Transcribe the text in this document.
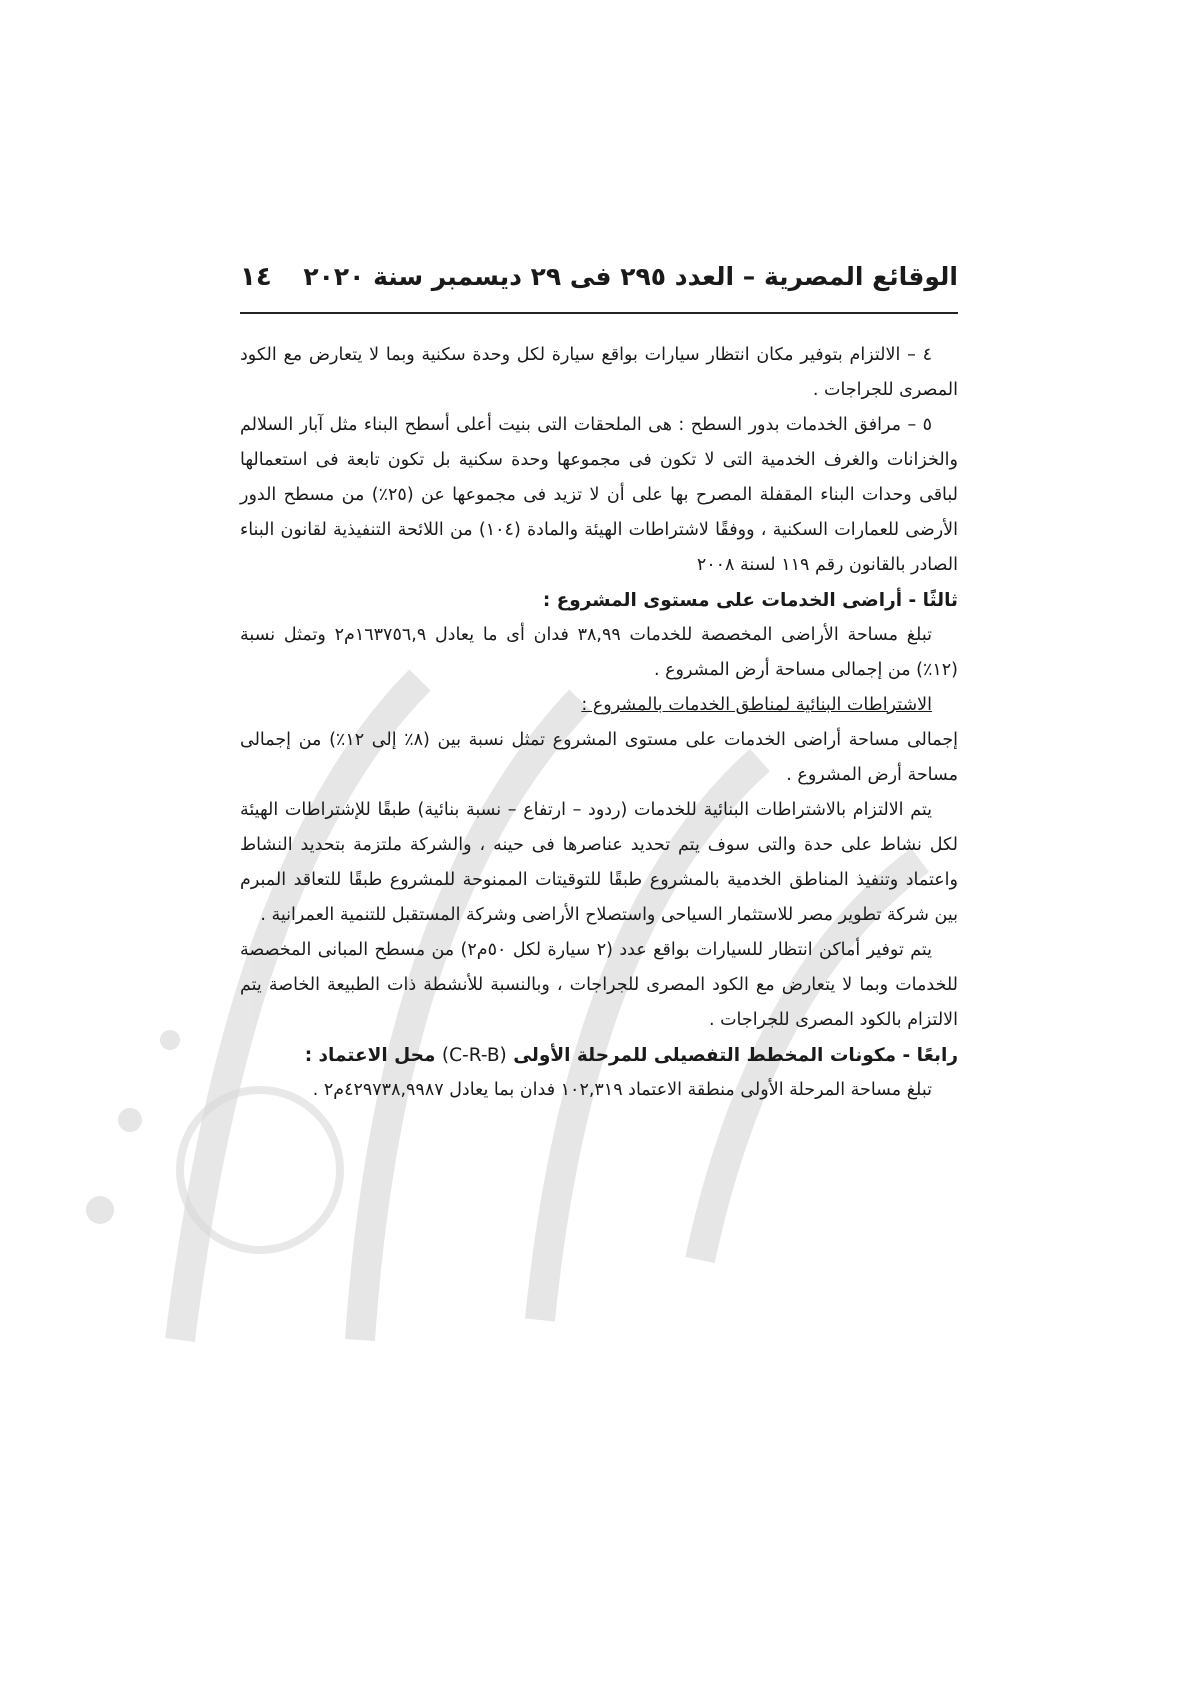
الوقائع المصرية – العدد ٢٩٥ فى ٢٩ ديسمبر سنة ٢٠٢٠
١٤

٤ – الالتزام بتوفير مكان انتظار سيارات بواقع سيارة لكل وحدة سكنية وبما لا يتعارض مع الكود المصرى للجراجات .

٥ – مرافق الخدمات بدور السطح : هى الملحقات التى بنيت أعلى أسطح البناء مثل آبار السلالم والخزانات والغرف الخدمية التى لا تكون فى مجموعها وحدة سكنية بل تكون تابعة فى استعمالها لباقى وحدات البناء المقفلة المصرح بها على أن لا تزيد فى مجموعها عن (٢٥٪) من مسطح الدور الأرضى للعمارات السكنية ، ووفقًا لاشتراطات الهيئة والمادة (١٠٤) من اللائحة التنفيذية لقانون البناء الصادر بالقانون رقم ١١٩ لسنة ٢٠٠٨

ثالثًا - أراضى الخدمات على مستوى المشروع :

تبلغ مساحة الأراضى المخصصة للخدمات ٣٨,٩٩ فدان أى ما يعادل ١٦٣٧٥٦,٩م٢ وتمثل نسبة (١٢٪) من إجمالى مساحة أرض المشروع .

الاشتراطات البنائية لمناطق الخدمات بالمشروع :

إجمالى مساحة أراضى الخدمات على مستوى المشروع تمثل نسبة بين (٨٪ إلى ١٢٪) من إجمالى مساحة أرض المشروع .

يتم الالتزام بالاشتراطات البنائية للخدمات (ردود – ارتفاع – نسبة بنائية) طبقًا للإشتراطات الهيئة لكل نشاط على حدة والتى سوف يتم تحديد عناصرها فى حينه ، والشركة ملتزمة بتحديد النشاط واعتماد وتنفيذ المناطق الخدمية بالمشروع طبقًا للتوقيتات الممنوحة للمشروع طبقًا للتعاقد المبرم بين شركة تطوير مصر للاستثمار السياحى واستصلاح الأراضى وشركة المستقبل للتنمية العمرانية .

يتم توفير أماكن انتظار للسيارات بواقع عدد (٢ سيارة لكل ٥٠م٢) من مسطح المبانى المخصصة للخدمات وبما لا يتعارض مع الكود المصرى للجراجات ، وبالنسبة للأنشطة ذات الطبيعة الخاصة يتم الالتزام بالكود المصرى للجراجات .

رابعًا - مكونات المخطط التفصيلى للمرحلة الأولى (C-R-B) محل الاعتماد :

تبلغ مساحة المرحلة الأولى منطقة الاعتماد ١٠٢,٣١٩ فدان بما يعادل ٤٢٩٧٣٨,٩٩٨٧م٢ .
